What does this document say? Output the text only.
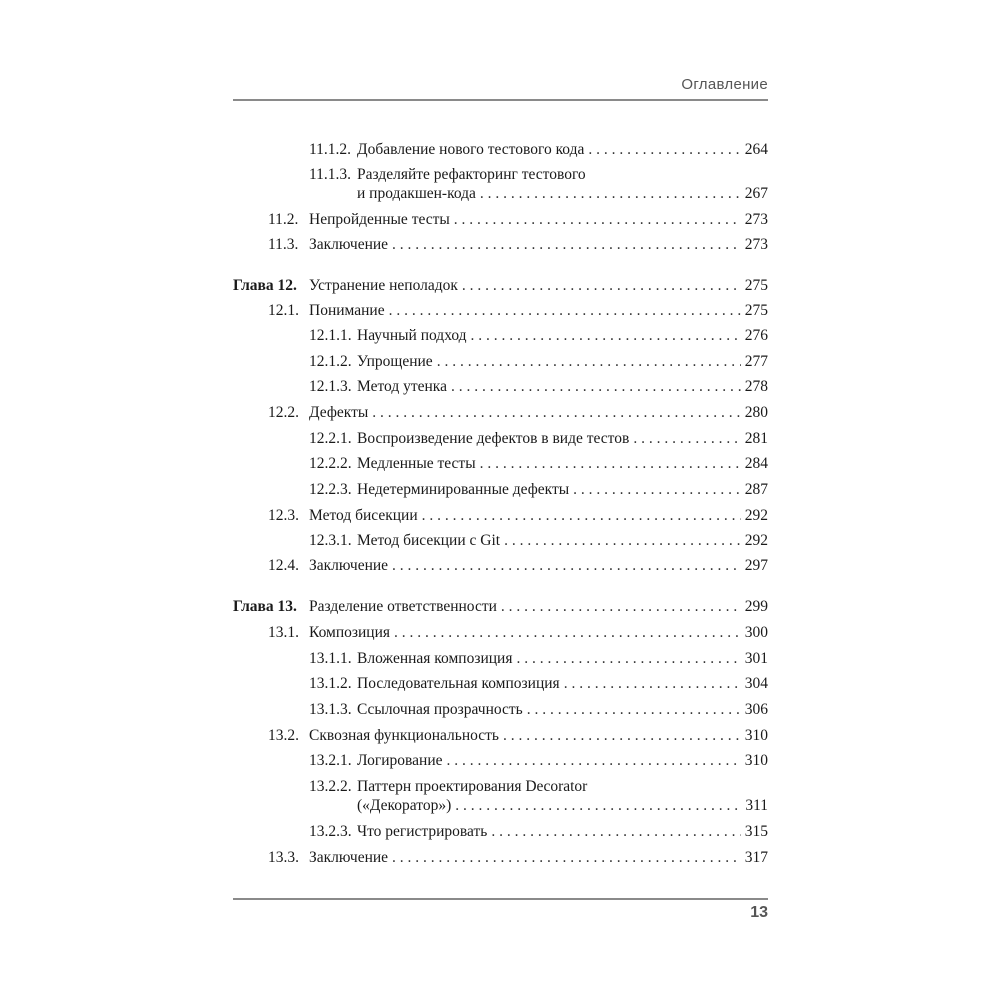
Оглавление
11.1.2. Добавление нового тестового кода . . .	264
11.1.3. Разделяйте рефакторинг тестового
и продакшен-кода . . .	267
11.2. Непройденные тесты . . .	273
11.3. Заключение . . .	273
Глава 12. Устранение неполадок . . .	275
12.1. Понимание . . .	275
12.1.1. Научный подход . . .	276
12.1.2. Упрощение . . .	277
12.1.3. Метод утенка . . .	278
12.2. Дефекты . . .	280
12.2.1. Воспроизведение дефектов в виде тестов . . .	281
12.2.2. Медленные тесты . . .	284
12.2.3. Недетерминированные дефекты . . .	287
12.3. Метод бисекции . . .	292
12.3.1. Метод бисекции с Git . . .	292
12.4. Заключение . . .	297
Глава 13. Разделение ответственности . . .	299
13.1. Композиция . . .	300
13.1.1. Вложенная композиция . . .	301
13.1.2. Последовательная композиция . . .	304
13.1.3. Ссылочная прозрачность . . .	306
13.2. Сквозная функциональность . . .	310
13.2.1. Логирование . . .	310
13.2.2. Паттерн проектирования Decorator
(«Декоратор») . . .	311
13.2.3. Что регистрировать . . .	315
13.3. Заключение . . .	317
13
